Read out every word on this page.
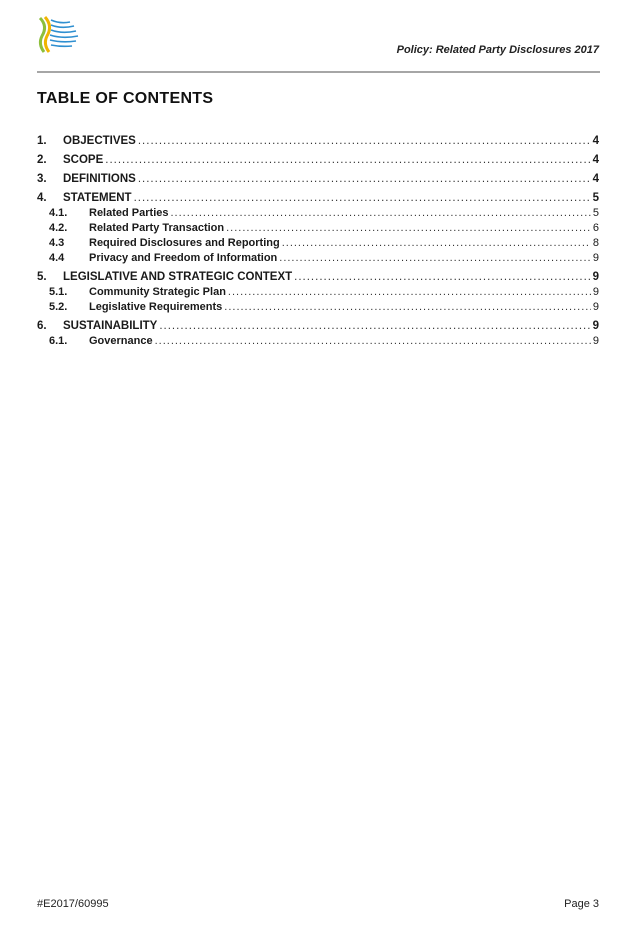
Policy: Related Party Disclosures 2017
TABLE OF CONTENTS
1.	OBJECTIVES .....	4
2.	SCOPE .....	4
3.	DEFINITIONS .....	4
4.	STATEMENT .....	5
4.1.	Related Parties .....	5
4.2.	Related Party Transaction .....	6
4.3	Required Disclosures and Reporting .....	8
4.4	Privacy and Freedom of Information .....	9
5.	LEGISLATIVE AND STRATEGIC CONTEXT .....	9
5.1.	Community Strategic Plan .....	9
5.2.	Legislative Requirements .....	9
6.	SUSTAINABILITY .....	9
6.1.	Governance .....	9
#E2017/60995	Page 3
